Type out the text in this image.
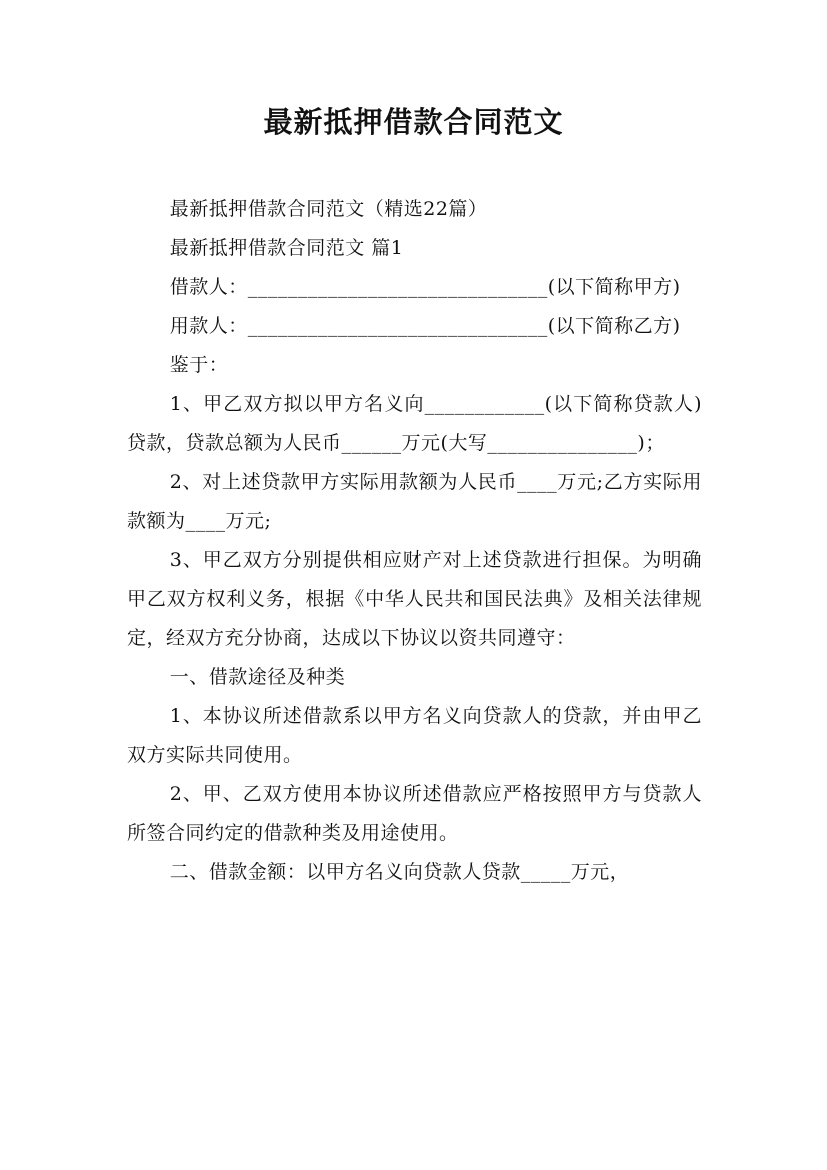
最新抵押借款合同范文

最新抵押借款合同范文（精选22篇）

最新抵押借款合同范文 篇1

借款人：______________________________(以下简称甲方)

用款人：______________________________(以下简称乙方)

鉴于：

1、甲乙双方拟以甲方名义向____________(以下简称贷款人)贷款，贷款总额为人民币______万元(大写_______________)；

2、对上述贷款甲方实际用款额为人民币____万元;乙方实际用款额为____万元;

3、甲乙双方分别提供相应财产对上述贷款进行担保。为明确甲乙双方权利义务，根据《中华人民共和国民法典》及相关法律规定，经双方充分协商，达成以下协议以资共同遵守：

一、借款途径及种类

1、本协议所述借款系以甲方名义向贷款人的贷款，并由甲乙双方实际共同使用。

2、甲、乙双方使用本协议所述借款应严格按照甲方与贷款人所签合同约定的借款种类及用途使用。

二、借款金额：以甲方名义向贷款人贷款_____万元，
